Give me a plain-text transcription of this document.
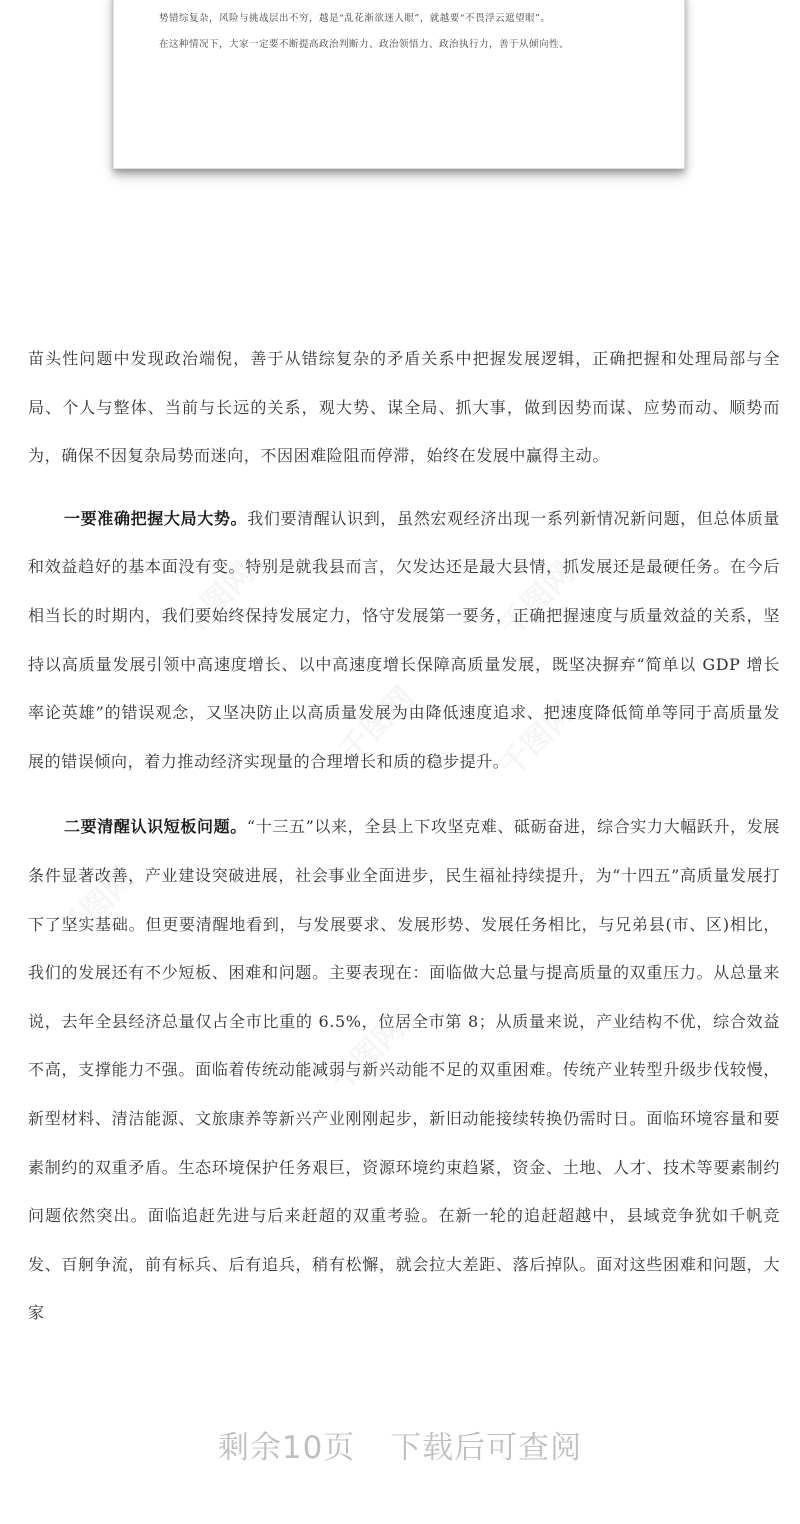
势错综复杂，风险与挑战层出不穷，越是“乱花渐欲迷人眼”，就越要“不畏浮云遮望眼”。
在这种情况下，大家一定要不断提高政治判断力、政治领悟力、政治执行力，善于从倾向性、
千图网	千图网
千图网
千图网
千图网
千图网

苗头性问题中发现政治端倪，善于从错综复杂的矛盾关系中把握发展逻辑，正确把握和处理局部与全局、个人与整体、当前与长远的关系，观大势、谋全局、抓大事，做到因势而谋、应势而动、顺势而为，确保不因复杂局势而迷向，不因困难险阻而停滞，始终在发展中赢得主动。

一要准确把握大局大势。我们要清醒认识到，虽然宏观经济出现一系列新情况新问题，但总体质量和效益趋好的基本面没有变。特别是就我县而言，欠发达还是最大县情，抓发展还是最硬任务。在今后相当长的时期内，我们要始终保持发展定力，恪守发展第一要务，正确把握速度与质量效益的关系，坚持以高质量发展引领中高速度增长、以中高速度增长保障高质量发展，既坚决摒弃“简单以 GDP 增长率论英雄”的错误观念，又坚决防止以高质量发展为由降低速度追求、把速度降低简单等同于高质量发展的错误倾向，着力推动经济实现量的合理增长和质的稳步提升。

二要清醒认识短板问题。“十三五”以来，全县上下攻坚克难、砥砺奋进，综合实力大幅跃升，发展条件显著改善，产业建设突破进展，社会事业全面进步，民生福祉持续提升，为“十四五”高质量发展打下了坚实基础。但更要清醒地看到，与发展要求、发展形势、发展任务相比，与兄弟县(市、区)相比，我们的发展还有不少短板、困难和问题。主要表现在：面临做大总量与提高质量的双重压力。从总量来说，去年全县经济总量仅占全市比重的 6.5%，位居全市第 8；从质量来说，产业结构不优，综合效益不高，支撑能力不强。面临着传统动能减弱与新兴动能不足的双重困难。传统产业转型升级步伐较慢，新型材料、清洁能源、文旅康养等新兴产业刚刚起步，新旧动能接续转换仍需时日。面临环境容量和要素制约的双重矛盾。生态环境保护任务艰巨，资源环境约束趋紧，资金、土地、人才、技术等要素制约问题依然突出。面临追赶先进与后来赶超的双重考验。在新一轮的追赶超越中，县域竞争犹如千帆竞发、百舸争流，前有标兵、后有追兵，稍有松懈，就会拉大差距、落后掉队。面对这些困难和问题，大家

剩余10页 下载后可查阅
